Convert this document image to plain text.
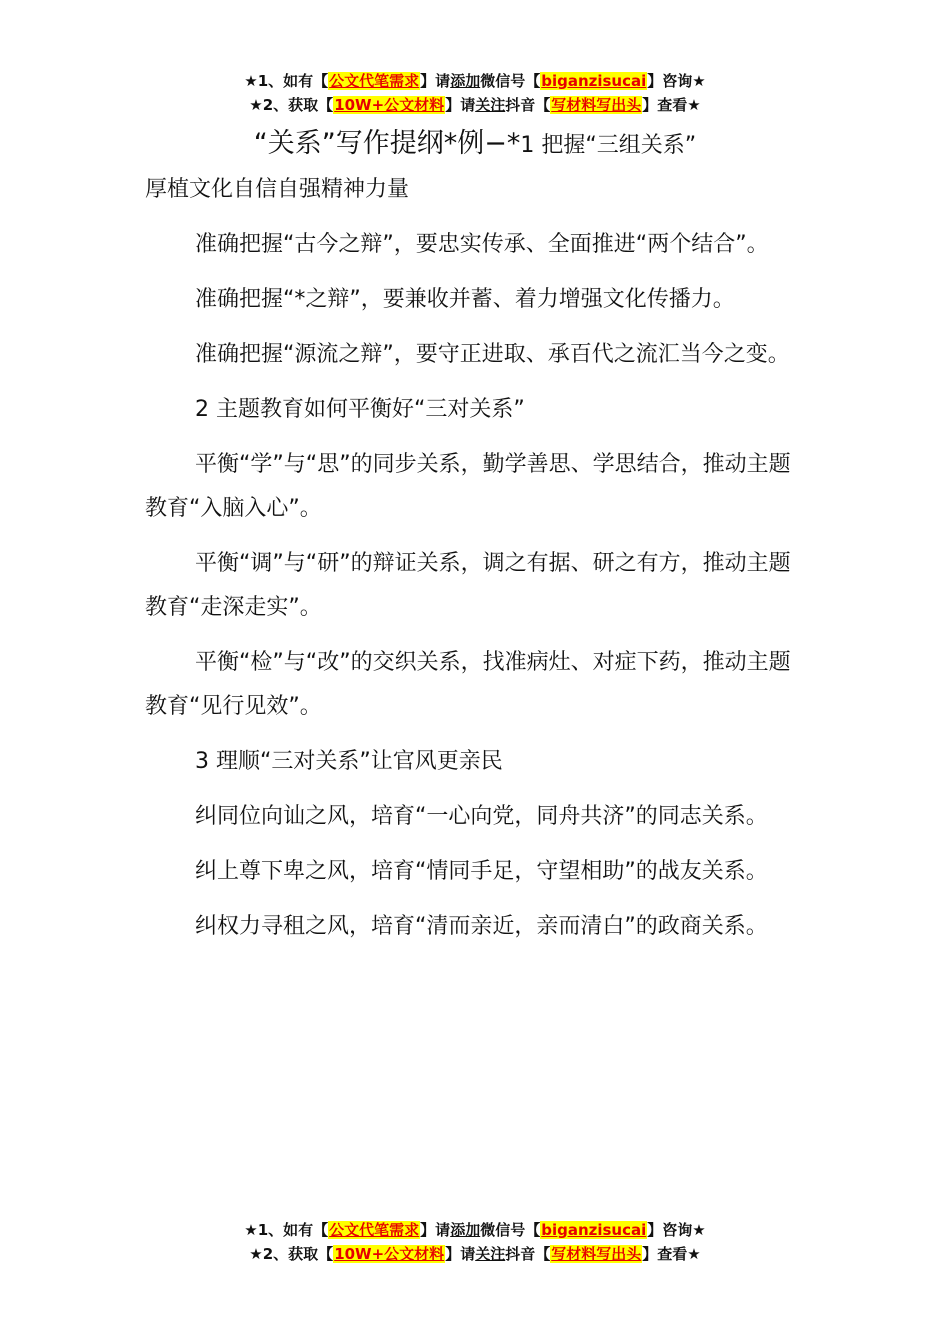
★1、如有【公文代笔需求】请添加微信号【biganzisucai】咨询★
★2、获取【10W+公文材料】请关注抖音【写材料写出头】查看★
“关系”写作提纲*例−*1 把握“三组关系”

厚植文化自信自强精神力量

准确把握“古今之辩”，要忠实传承、全面推进“两个结合”。

准确把握“*之辩”，要兼收并蓄、着力增强文化传播力。

准确把握“源流之辩”，要守正进取、承百代之流汇当今之变。

2 主题教育如何平衡好“三对关系”

平衡“学”与“思”的同步关系，勤学善思、学思结合，推动主题教育“入脑入心”。

平衡“调”与“研”的辩证关系，调之有据、研之有方，推动主题教育“走深走实”。

平衡“检”与“改”的交织关系，找准病灶、对症下药，推动主题教育“见行见效”。

3 理顺“三对关系”让官风更亲民

纠同位向讪之风，培育“一心向党，同舟共济”的同志关系。

纠上尊下卑之风，培育“情同手足，守望相助”的战友关系。

纠权力寻租之风，培育“清而亲近，亲而清白”的政商关系。

★1、如有【公文代笔需求】请添加微信号【biganzisucai】咨询★
★2、获取【10W+公文材料】请关注抖音【写材料写出头】查看★
